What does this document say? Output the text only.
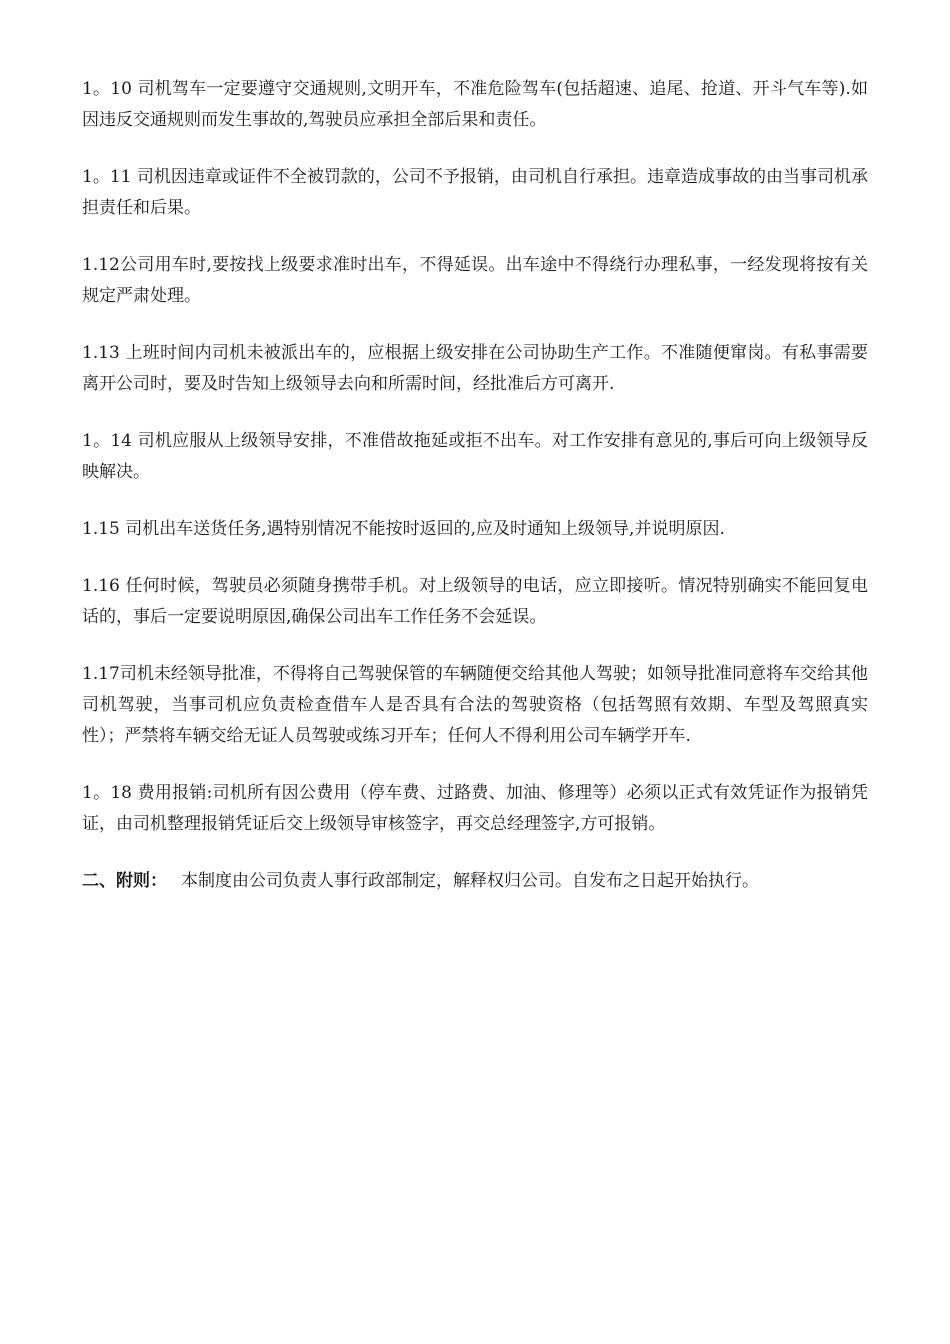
1。10 司机驾车一定要遵守交通规则,文明开车，不准危险驾车(包括超速、追尾、抢道、开斗气车等).如因违反交通规则而发生事故的,驾驶员应承担全部后果和责任。

1。11 司机因违章或证件不全被罚款的，公司不予报销，由司机自行承担。违章造成事故的由当事司机承担责任和后果。

1.12公司用车时,要按找上级要求准时出车，不得延误。出车途中不得绕行办理私事，一经发现将按有关规定严肃处理。

1.13 上班时间内司机未被派出车的，应根据上级安排在公司协助生产工作。不准随便窜岗。有私事需要离开公司时，要及时告知上级领导去向和所需时间，经批准后方可离开.

1。14 司机应服从上级领导安排，不准借故拖延或拒不出车。对工作安排有意见的,事后可向上级领导反映解决。

1.15 司机出车送货任务,遇特别情况不能按时返回的,应及时通知上级领导,并说明原因.

1.16 任何时候，驾驶员必须随身携带手机。对上级领导的电话，应立即接听。情况特别确实不能回复电话的，事后一定要说明原因,确保公司出车工作任务不会延误。

1.17司机未经领导批准，不得将自己驾驶保管的车辆随便交给其他人驾驶；如领导批准同意将车交给其他司机驾驶，当事司机应负责检查借车人是否具有合法的驾驶资格（包括驾照有效期、车型及驾照真实性）；严禁将车辆交给无证人员驾驶或练习开车；任何人不得利用公司车辆学开车.

1。18 费用报销:司机所有因公费用（停车费、过路费、加油、修理等）必须以正式有效凭证作为报销凭证，由司机整理报销凭证后交上级领导审核签字，再交总经理签字,方可报销。

二、附则： 本制度由公司负责人事行政部制定，解释权归公司。自发布之日起开始执行。
